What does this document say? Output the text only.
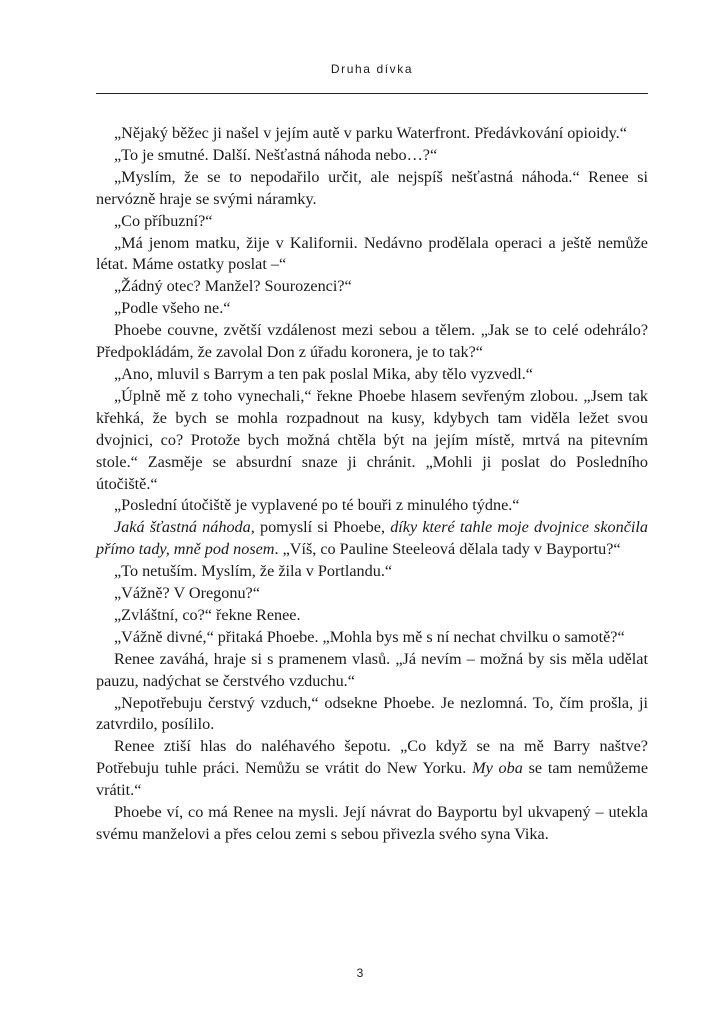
Druha dívka

„Nějaký běžec ji našel v jejím autě v parku Waterfront. Předávkování opioidy.“

„To je smutné. Další. Nešťastná náhoda nebo…?“

„Myslím, že se to nepodařilo určit, ale nejspíš nešťastná náhoda.“ Renee si nervózně hraje se svými náramky.

„Co příbuzní?“

„Má jenom matku, žije v Kalifornii. Nedávno prodělala operaci a ještě nemůže létat. Máme ostatky poslat –“

„Žádný otec? Manžel? Sourozenci?“

„Podle všeho ne.“

Phoebe couvne, zvětší vzdálenost mezi sebou a tělem. „Jak se to celé odehrálo? Předpokládám, že zavolal Don z úřadu koronera, je to tak?“

„Ano, mluvil s Barrym a ten pak poslal Mika, aby tělo vyzvedl.“

„Úplně mě z toho vynechali,“ řekne Phoebe hlasem sevřeným zlobou. „Jsem tak křehká, že bych se mohla rozpadnout na kusy, kdybych tam viděla ležet svou dvojnici, co? Protože bych možná chtěla být na jejím místě, mrtvá na pitevním stole.“ Zasměje se absurdní snaze ji chránit. „Mohli ji poslat do Posledního útočiště.“

„Poslední útočiště je vyplavené po té bouři z minulého týdne.“

Jaká šťastná náhoda, pomyslí si Phoebe, díky které tahle moje dvojnice skončila přímo tady, mně pod nosem. „Víš, co Pauline Steeleová dělala tady v Bayportu?“

„To netuším. Myslím, že žila v Portlandu.“

„Vážně? V Oregonu?“

„Zvláštní, co?“ řekne Renee.

„Vážně divné,“ přitaká Phoebe. „Mohla bys mě s ní nechat chvilku o samotě?“

Renee zaváhá, hraje si s pramenem vlasů. „Já nevím – možná by sis měla udělat pauzu, nadýchat se čerstvého vzduchu.“

„Nepotřebuju čerstvý vzduch,“ odsekne Phoebe. Je nezlomná. To, čím prošla, ji zatvrdilo, posílilo.

Renee ztiší hlas do naléhavého šepotu. „Co když se na mě Barry naštve? Potřebuju tuhle práci. Nemůžu se vrátit do New Yorku. My oba se tam nemůžeme vrátit.“

Phoebe ví, co má Renee na mysli. Její návrat do Bayportu byl ukvapený – utekla svému manželovi a přes celou zemi s sebou přivezla svého syna Vika.

3
